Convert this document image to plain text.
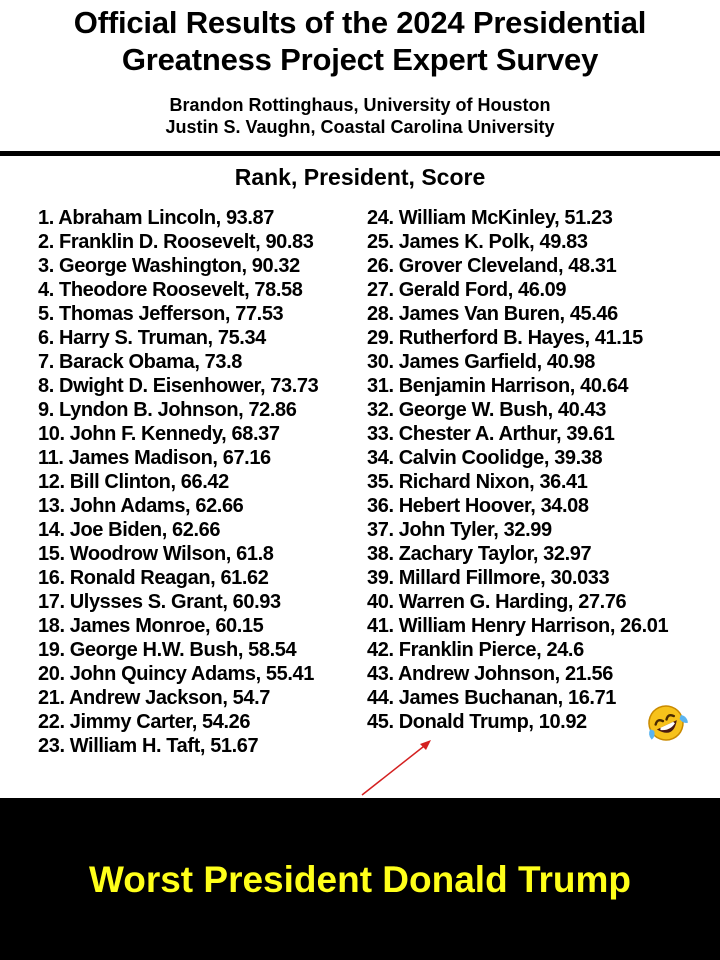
Official Results of the 2024 Presidential
Greatness Project Expert Survey
Brandon Rottinghaus, University of Houston
Justin S. Vaughn, Coastal Carolina University
Rank, President, Score
1. Abraham Lincoln, 93.87
2. Franklin D. Roosevelt, 90.83
3. George Washington, 90.32
4. Theodore Roosevelt, 78.58
5. Thomas Jefferson, 77.53
6. Harry S. Truman, 75.34
7. Barack Obama, 73.8
8. Dwight D. Eisenhower, 73.73
9. Lyndon B. Johnson, 72.86
10. John F. Kennedy, 68.37
11. James Madison, 67.16
12. Bill Clinton, 66.42
13. John Adams, 62.66
14. Joe Biden, 62.66
15. Woodrow Wilson, 61.8
16. Ronald Reagan, 61.62
17. Ulysses S. Grant, 60.93
18. James Monroe, 60.15
19. George H.W. Bush, 58.54
20. John Quincy Adams, 55.41
21. Andrew Jackson, 54.7
22. Jimmy Carter, 54.26
23. William H. Taft, 51.67
24. William McKinley, 51.23
25. James K. Polk, 49.83
26. Grover Cleveland, 48.31
27. Gerald Ford, 46.09
28. James Van Buren, 45.46
29. Rutherford B. Hayes, 41.15
30. James Garfield, 40.98
31. Benjamin Harrison, 40.64
32. George W. Bush, 40.43
33. Chester A. Arthur, 39.61
34. Calvin Coolidge, 39.38
35. Richard Nixon, 36.41
36. Hebert Hoover, 34.08
37. John Tyler, 32.99
38. Zachary Taylor, 32.97
39. Millard Fillmore, 30.033
40. Warren G. Harding, 27.76
41. William Henry Harrison, 26.01
42. Franklin Pierce, 24.6
43. Andrew Johnson, 21.56
44. James Buchanan, 16.71
45. Donald Trump, 10.92
Worst President Donald Trump
